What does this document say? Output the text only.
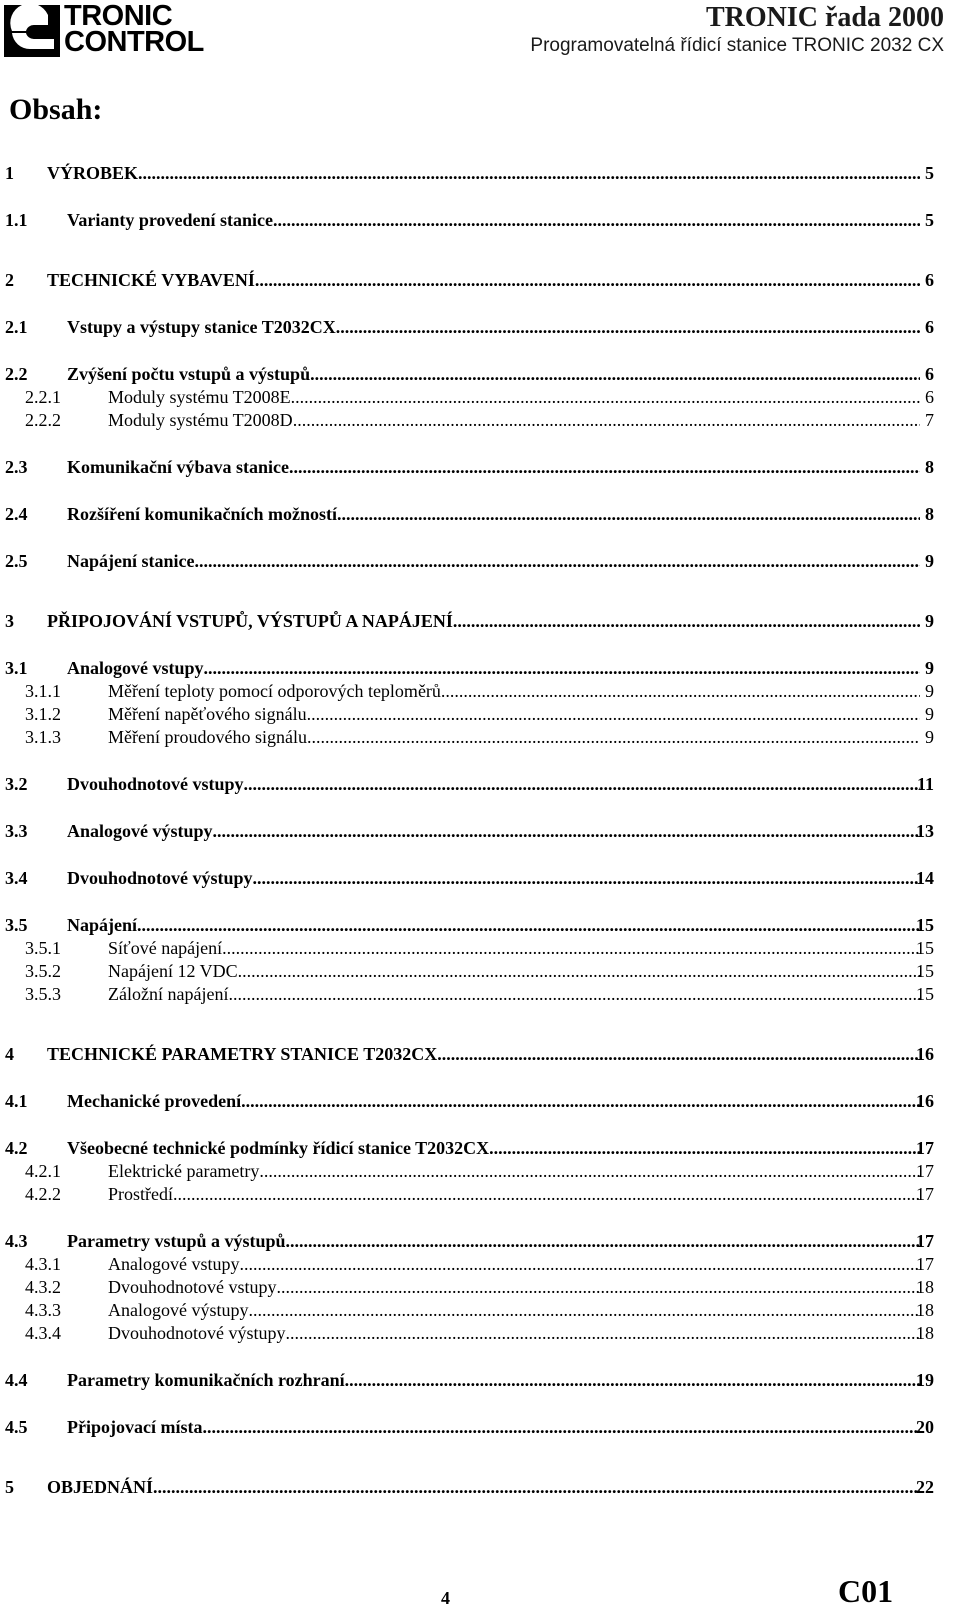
TRONIC
CONTROL
TRONIC řada 2000
Programovatelná řídicí stanice TRONIC 2032 CX
Obsah:
1 VÝROBEK .....	5
1.1 Varianty provedení stanice .....	5
2 TECHNICKÉ VYBAVENÍ .....	6
2.1 Vstupy a výstupy stanice T2032CX .....	6
2.2 Zvýšení počtu vstupů a výstupů .....	6
2.2.1	Moduly systému T2008E .....	6
2.2.2	Moduly systému T2008D .....	7
2.3 Komunikační výbava stanice .....	8
2.4 Rozšíření komunikačních možností .....	8
2.5 Napájení stanice .....	9
3 PŘIPOJOVÁNÍ VSTUPŮ, VÝSTUPŮ A NAPÁJENÍ .....	9
3.1 Analogové vstupy .....	9
3.1.1	Měření teploty pomocí odporových teploměrů .....	9
3.1.2	Měření napěťového signálu .....	9
3.1.3	Měření proudového signálu .....	9
3.2 Dvouhodnotové vstupy .....	11
3.3 Analogové výstupy .....	13
3.4 Dvouhodnotové výstupy .....	14
3.5 Napájení .....	15
3.5.1	Síťové napájení .....	15
3.5.2	Napájení 12 VDC .....	15
3.5.3	Záložní napájení .....	15
4 TECHNICKÉ PARAMETRY STANICE T2032CX .....	16
4.1 Mechanické provedení .....	16
4.2 Všeobecné technické podmínky řídicí stanice T2032CX .....	17
4.2.1	Elektrické parametry .....	17
4.2.2	Prostředí .....	17
4.3 Parametry vstupů a výstupů .....	17
4.3.1	Analogové vstupy .....	17
4.3.2	Dvouhodnotové vstupy .....	18
4.3.3	Analogové výstupy .....	18
4.3.4	Dvouhodnotové výstupy .....	18
4.4 Parametry komunikačních rozhraní .....	19
4.5 Připojovací místa .....	20
5 OBJEDNÁNÍ .....	22
4	C01
